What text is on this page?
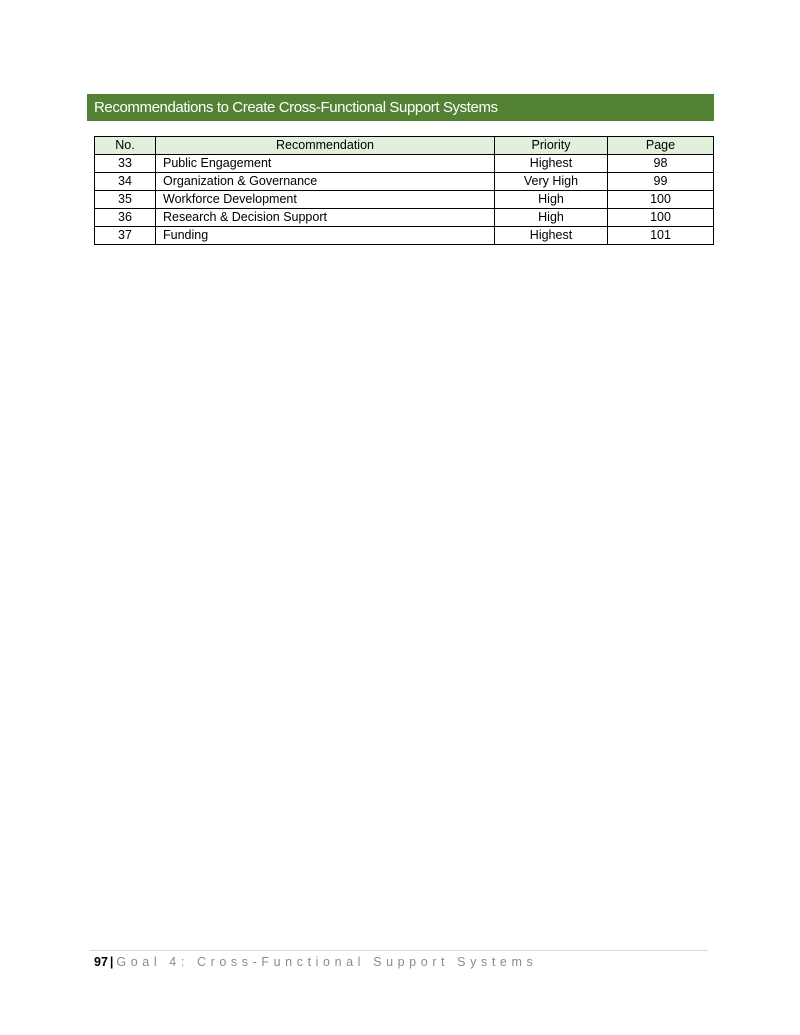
Recommendations to Create Cross-Functional Support Systems
No.	Recommendation	Priority	Page
33	Public Engagement	Highest	98
34	Organization & Governance	Very High	99
35	Workforce Development	High	100
36	Research & Decision Support	High	100
37	Funding	Highest	101
97 | Goal 4: Cross-Functional Support Systems
